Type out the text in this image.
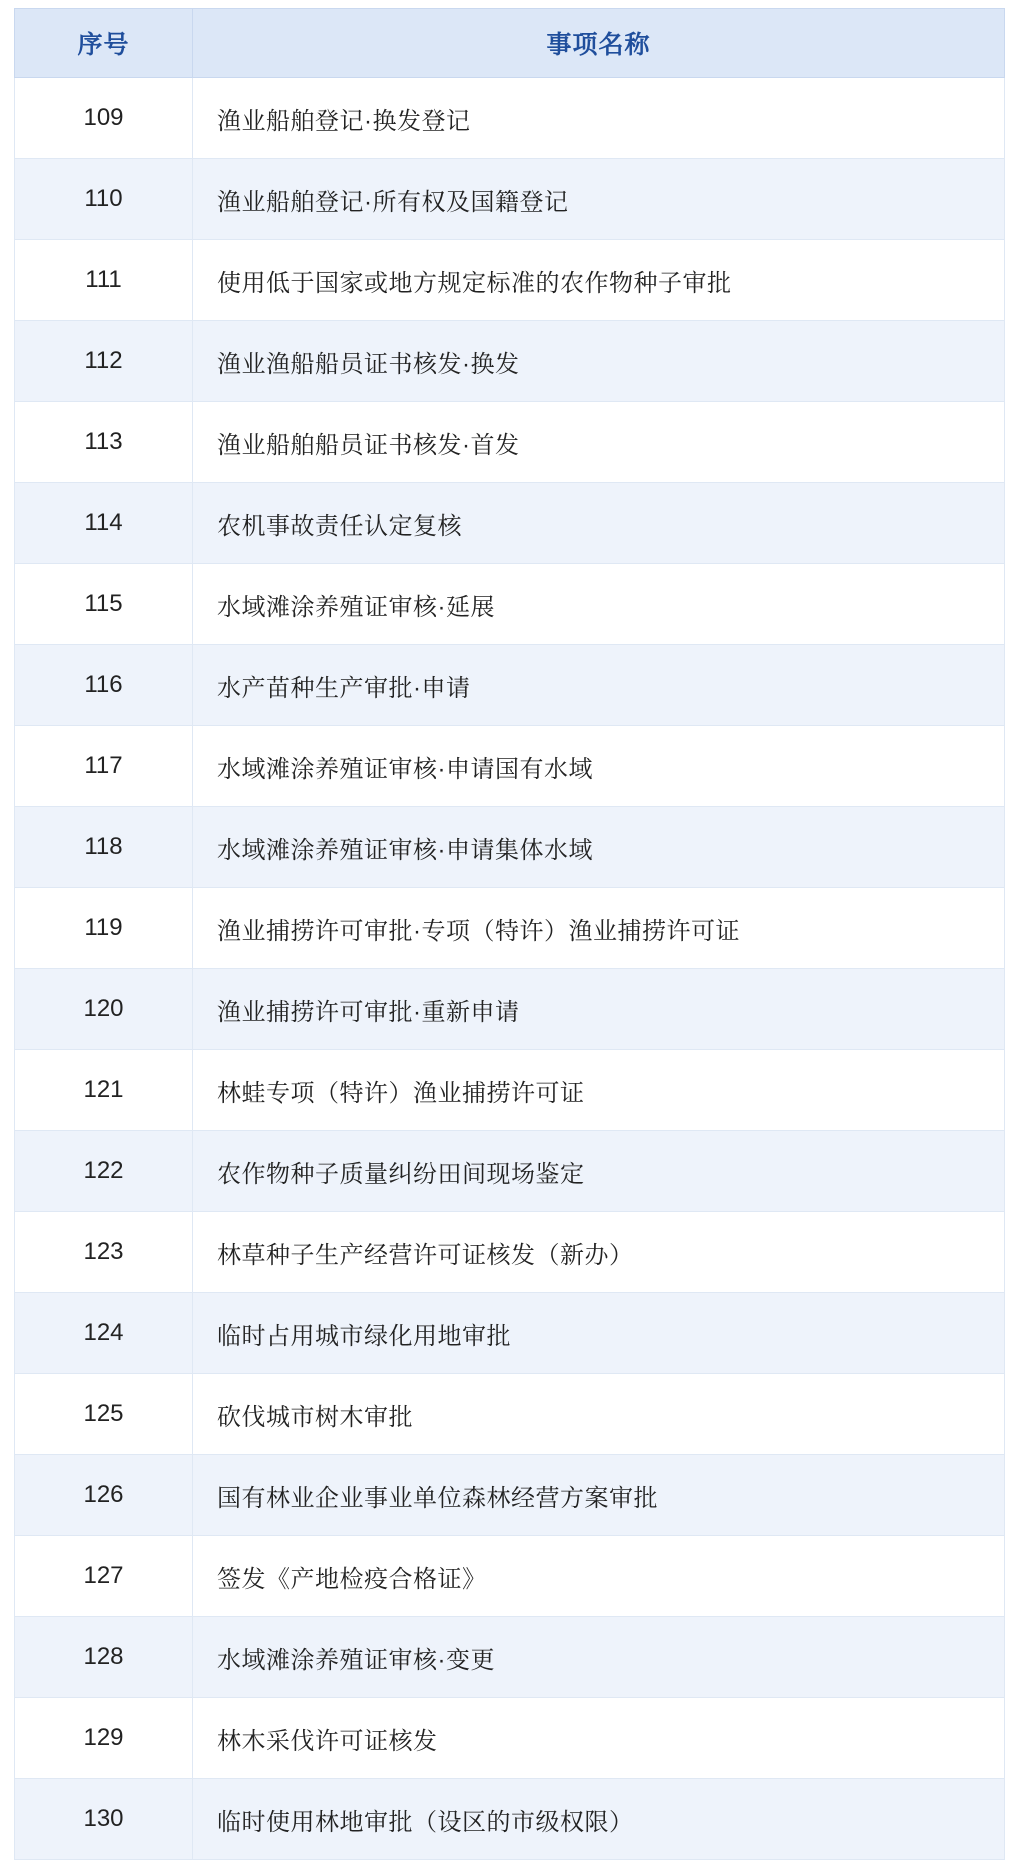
序号	事项名称
109	渔业船舶登记·换发登记
110	渔业船舶登记·所有权及国籍登记
111	使用低于国家或地方规定标准的农作物种子审批
112	渔业渔船船员证书核发·换发
113	渔业船舶船员证书核发·首发
114	农机事故责任认定复核
115	水域滩涂养殖证审核·延展
116	水产苗种生产审批·申请
117	水域滩涂养殖证审核·申请国有水域
118	水域滩涂养殖证审核·申请集体水域
119	渔业捕捞许可审批·专项（特许）渔业捕捞许可证
120	渔业捕捞许可审批·重新申请
121	林蛙专项（特许）渔业捕捞许可证
122	农作物种子质量纠纷田间现场鉴定
123	林草种子生产经营许可证核发（新办）
124	临时占用城市绿化用地审批
125	砍伐城市树木审批
126	国有林业企业事业单位森林经营方案审批
127	签发《产地检疫合格证》
128	水域滩涂养殖证审核·变更
129	林木采伐许可证核发
130	临时使用林地审批（设区的市级权限）
